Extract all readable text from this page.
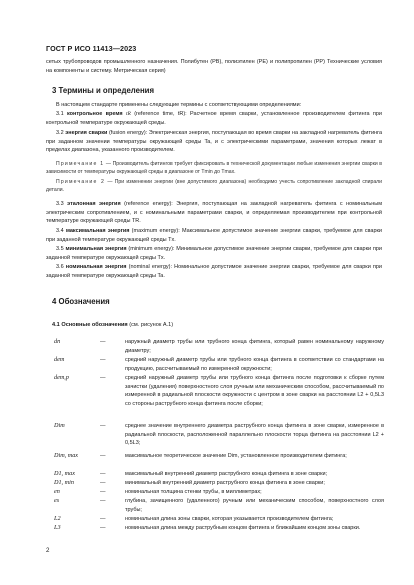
ГОСТ Р ИСО 11413—2023
сетых трубопроводов промышленного назначения. Полибутен (PB), полиэтилен (PE) и полипропилен (PP) Технические условия на компоненты и систему. Метрическая серия)
3 Термины и определения
В настоящем стандарте применены следующие термины с соответствующими определениями:
3.1 контрольное время tR (reference time, tR): Расчетное время сварки, установленное производителем фитинга при контрольной температуре окружающей среды.
3.2 энергия сварки (fusion energy): Электрическая энергия, поступающая во время сварки на закладной нагреватель фитинга при заданном значении температуры окружающей среды Ta, и с электрическими параметрами, значения которых лежат в пределах диапазона, указанного производителем.
Примечание 1 — Производитель фитингов требует фиксировать в технической документации любые изменения энергии сварки в зависимости от температуры окружающей среды в диапазоне от Tmin до Tmax.
Примечание 2 — При изменении энергии (вне допустимого диапазона) необходимо учесть сопротивление закладной спирали детали.
3.3 эталонная энергия (reference energy): Энергия, поступающая на закладной нагреватель фитинга с номинальным электрическим сопротивлением, и с номинальными параметрами сварки, и определяемая производителем при контрольной температуре окружающей среды TR.
3.4 максимальная энергия (maximum energy): Максимальное допустимое значение энергии сварки, требуемое для сварки при заданной температуре окружающей среды Tx.
3.5 минимальная энергия (minimum energy): Минимальное допустимое значение энергии сварки, требуемое для сварки при заданной температуре окружающей среды Tx.
3.6 номинальная энергия (nominal energy): Номинальное допустимое значение энергии сварки, требуемое для сварки при заданной температуре окружающей среды Ta.
4 Обозначения
4.1 Основные обозначения (см. рисунок А.1)
dn	—	наружный диаметр трубы или трубного конца фитинга, который равен номинальному наружному диаметру;
dem	—	средний наружный диаметр трубы или трубного конца фитинга в соответствии со стандартами на продукцию, рассчитываемый по измеренной окружности;
dem,p	—	средний наружный диаметр трубы или трубного конца фитинга после подготовки к сборке путем зачистки (удаления) поверхностного слоя ручным или механическим способом, рассчитываемый по измеренной в радиальной плоскости окружности с центром в зоне сварки на расстоянии L2 + 0,5L3 со стороны раструбного конца фитинга после сборки;
Dim	—	среднее значение внутреннего диаметра раструбного конца фитинга в зоне сварки, измеренное в радиальной плоскости, расположенной параллельно плоскости торца фитинга на расстоянии L2 + 0,5L3;
Dim, max	—	максимальное теоретическое значение Dim, установленное производителем фитинга;
D1, max	—	максимальный внутренний диаметр раструбного конца фитинга в зоне сварки;
D1, min	—	минимальный внутренний диаметр раструбного конца фитинга в зоне сварки;
en	—	номинальная толщина стенки трубы, в миллиметрах;
es	—	глубина, зачищенного (удаленного) ручным или механическим способом, поверхностного слоя трубы;
L2	—	номинальная длина зоны сварки, которая указывается производителем фитинга;
L3	—	номинальная длина между раструбным концом фитинга и ближайшим концом зоны сварки.
2
